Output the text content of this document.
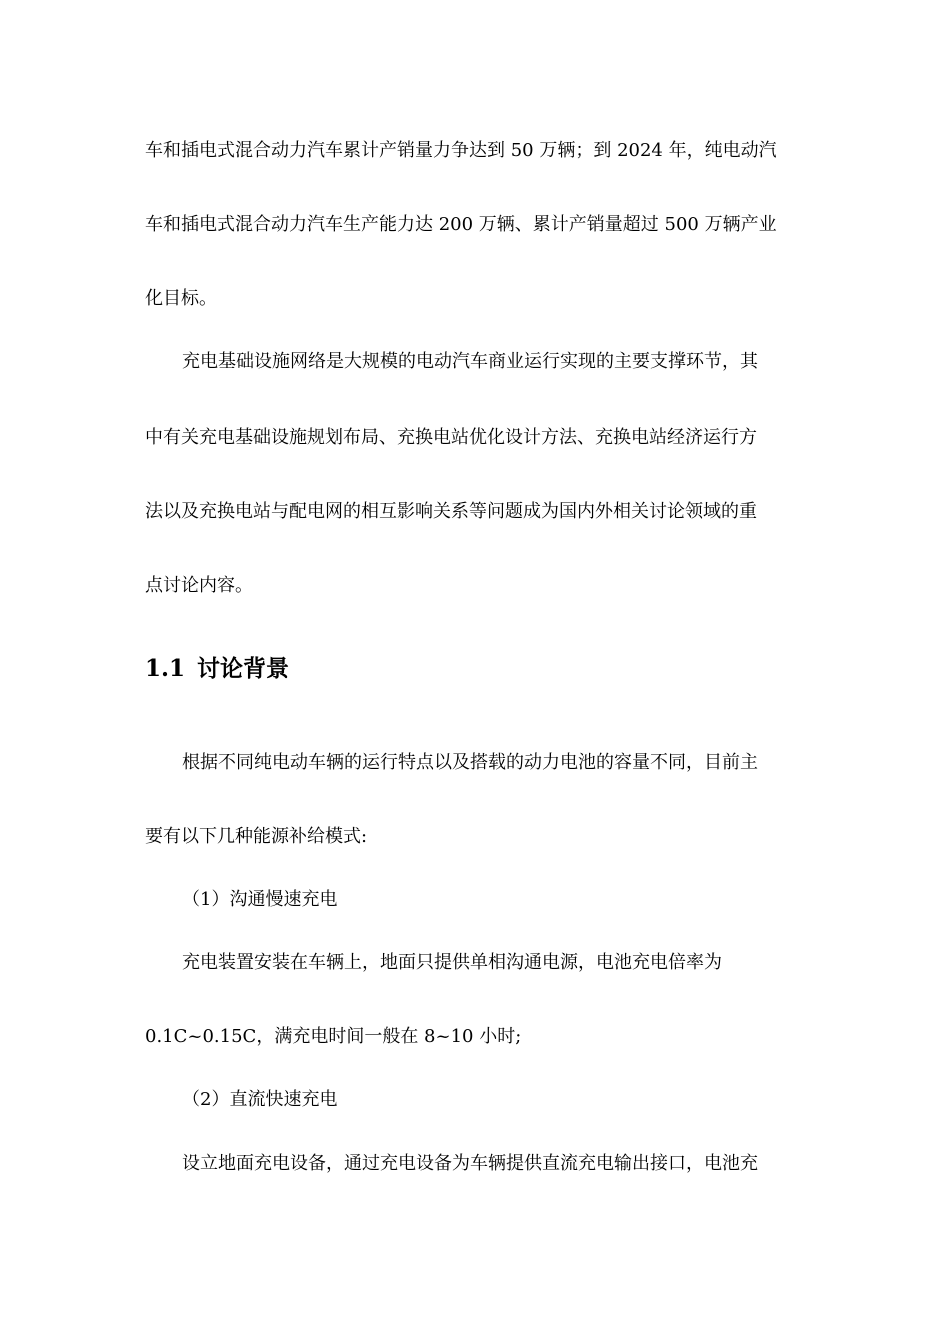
车和插电式混合动力汽车累计产销量力争达到 50 万辆；到 2024 年，纯电动汽
车和插电式混合动力汽车生产能力达 200 万辆、累计产销量超过 500 万辆产业
化目标。
充电基础设施网络是大规模的电动汽车商业运行实现的主要支撑环节，其
中有关充电基础设施规划布局、充换电站优化设计方法、充换电站经济运行方
法以及充换电站与配电网的相互影响关系等问题成为国内外相关讨论领域的重
点讨论内容。
1.1 讨论背景
根据不同纯电动车辆的运行特点以及搭载的动力电池的容量不同，目前主
要有以下几种能源补给模式:
（1）沟通慢速充电
充电装置安装在车辆上，地面只提供单相沟通电源，电池充电倍率为
0.1C~0.15C，满充电时间一般在 8~10 小时;
（2）直流快速充电
设立地面充电设备，通过充电设备为车辆提供直流充电输出接口，电池充
